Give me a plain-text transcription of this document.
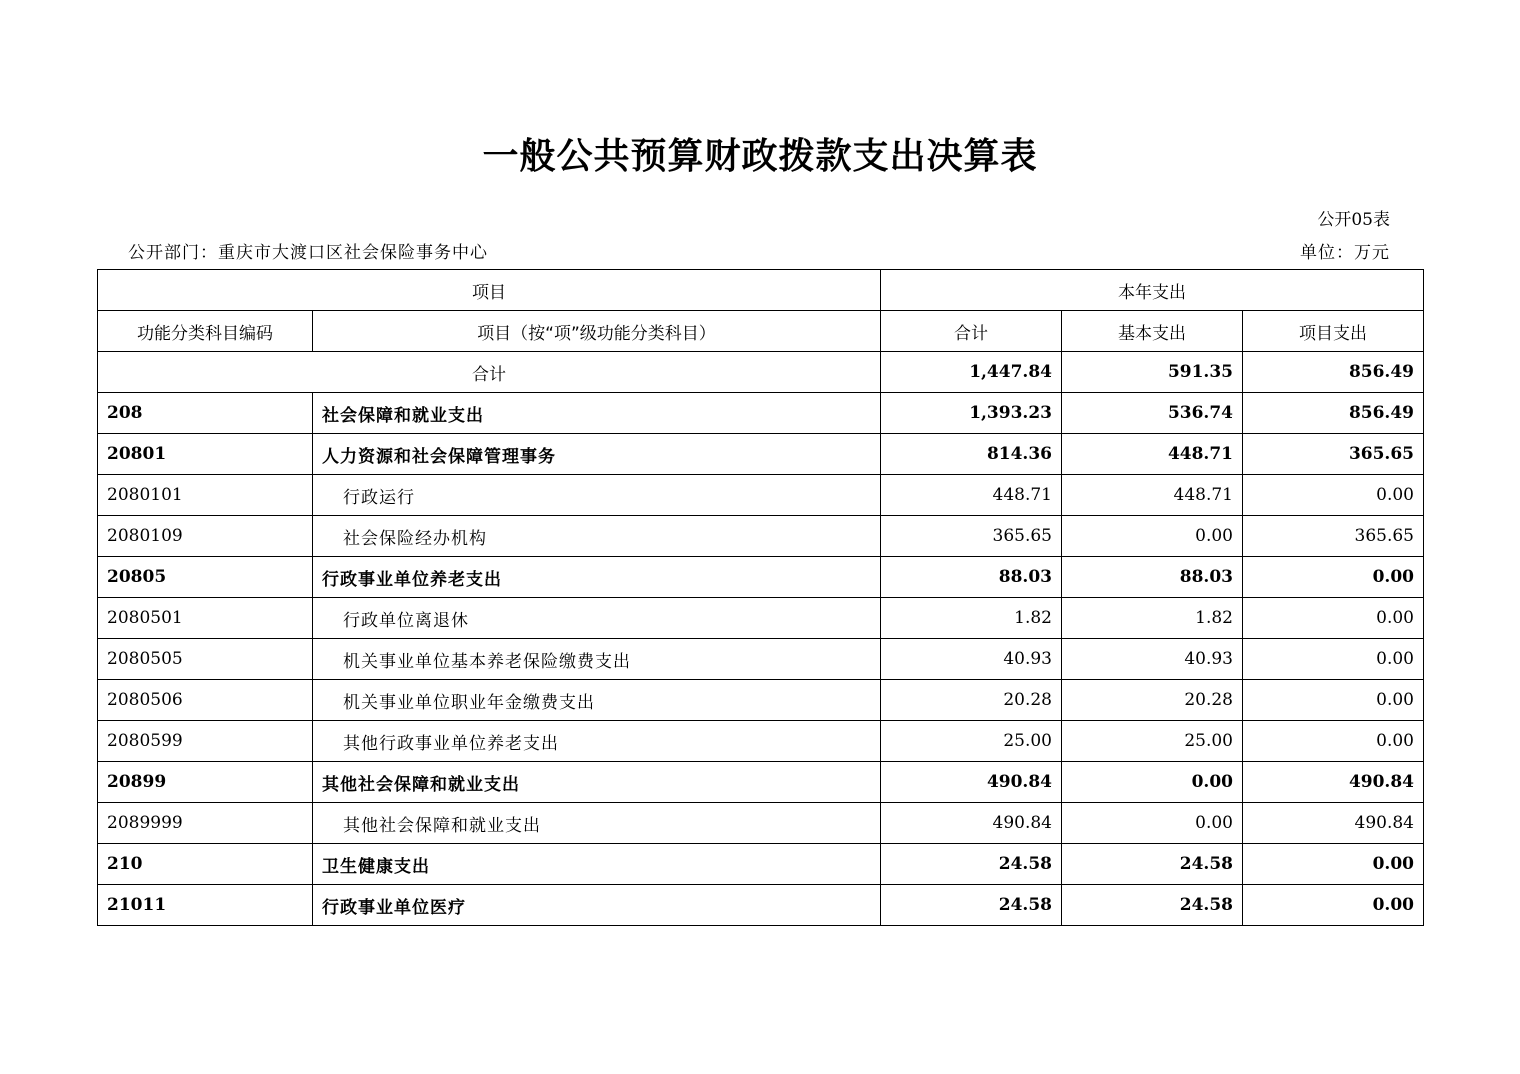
一般公共预算财政拨款支出决算表
公开05表
公开部门：重庆市大渡口区社会保险事务中心	单位：万元
项目		本年支出		
功能分类科目编码	项目（按“项”级功能分类科目）	合计	基本支出	项目支出
合计		1,447.84	591.35	856.49
208	社会保障和就业支出	1,393.23	536.74	856.49
20801	人力资源和社会保障管理事务	814.36	448.71	365.65
2080101	行政运行	448.71	448.71	0.00
2080109	社会保险经办机构	365.65	0.00	365.65
20805	行政事业单位养老支出	88.03	88.03	0.00
2080501	行政单位离退休	1.82	1.82	0.00
2080505	机关事业单位基本养老保险缴费支出	40.93	40.93	0.00
2080506	机关事业单位职业年金缴费支出	20.28	20.28	0.00
2080599	其他行政事业单位养老支出	25.00	25.00	0.00
20899	其他社会保障和就业支出	490.84	0.00	490.84
2089999	其他社会保障和就业支出	490.84	0.00	490.84
210	卫生健康支出	24.58	24.58	0.00
21011	行政事业单位医疗	24.58	24.58	0.00
